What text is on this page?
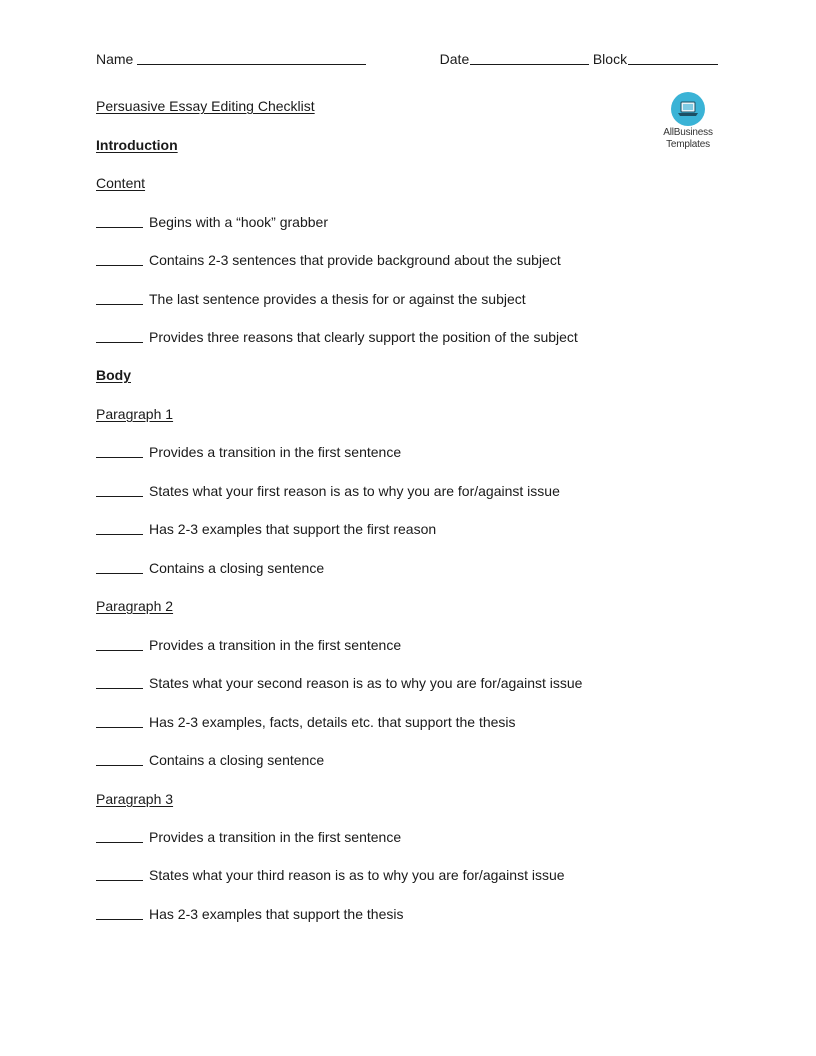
Name	Date	Block
AllBusiness
Templates
Persuasive Essay Editing Checklist
Introduction
Content
Begins with a “hook” grabber
Contains 2-3 sentences that provide background about the subject
The last sentence provides a thesis for or against the subject
Provides three reasons that clearly support the position of the subject
Body
Paragraph 1
Provides a transition in the first sentence
States what your first reason is as to why you are for/against issue
Has 2-3 examples that support the first reason
Contains a closing sentence
Paragraph 2
Provides a transition in the first sentence
States what your second reason is as to why you are for/against issue
Has 2-3 examples, facts, details etc. that support the thesis
Contains a closing sentence
Paragraph 3
Provides a transition in the first sentence
States what your third reason is as to why you are for/against issue
Has 2-3 examples that support the thesis
